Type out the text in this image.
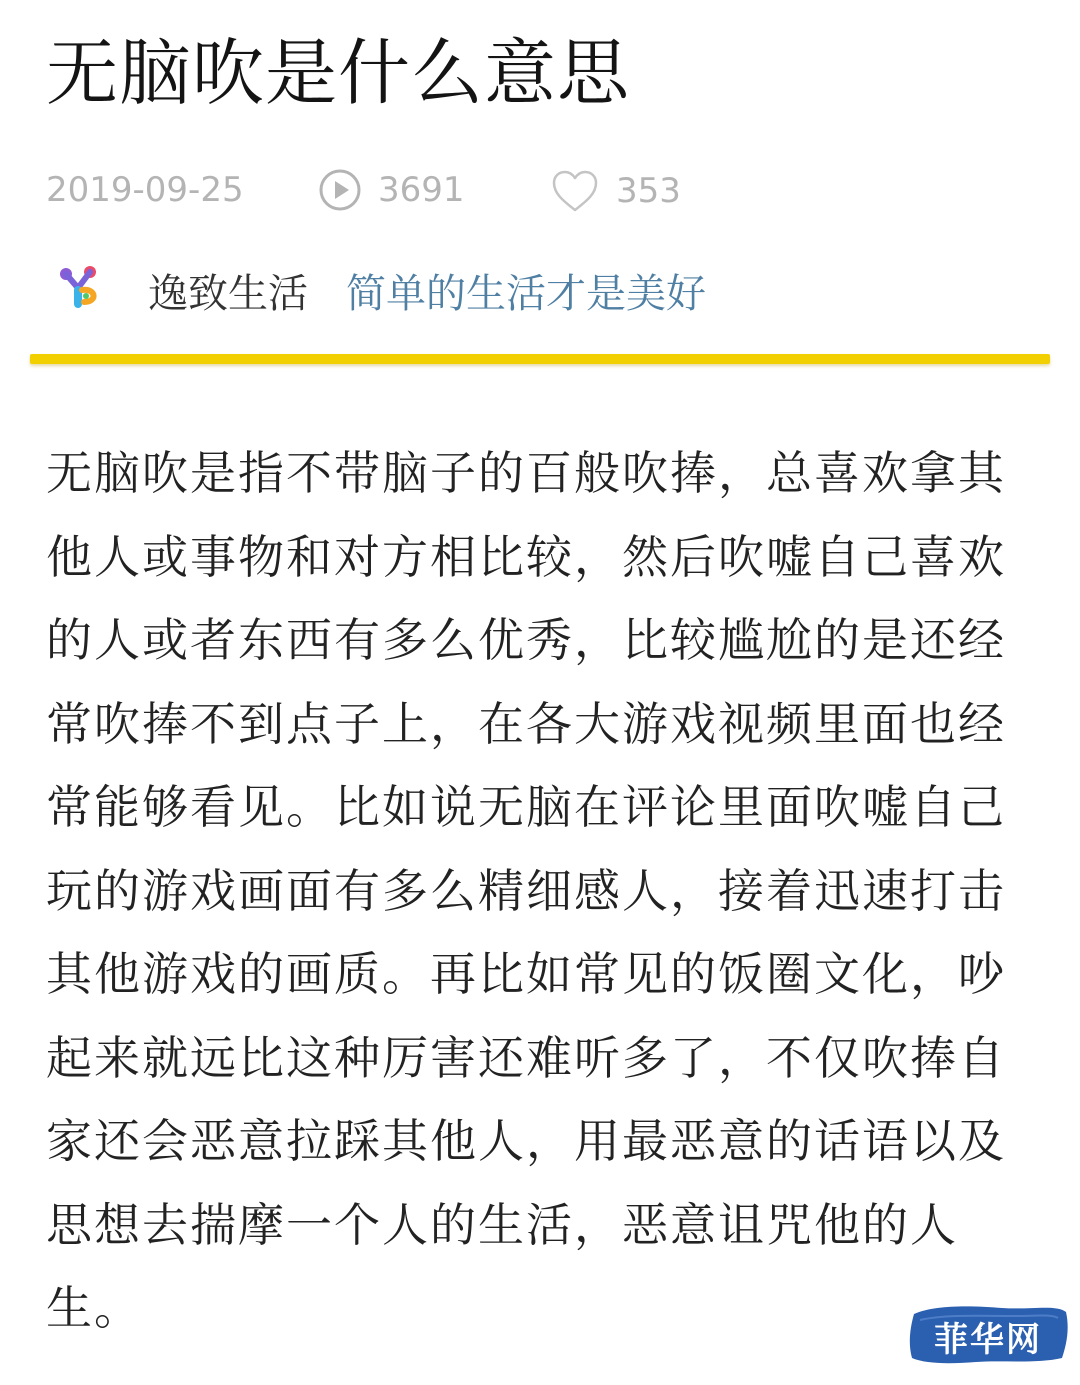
无脑吹是什么意思
2019-09-25	3691	353
逸致生活 简单的生活才是美好
无脑吹是指不带脑子的百般吹捧，总喜欢拿其
他人或事物和对方相比较，然后吹嘘自己喜欢
的人或者东西有多么优秀，比较尴尬的是还经
常吹捧不到点子上，在各大游戏视频里面也经
常能够看见。比如说无脑在评论里面吹嘘自己
玩的游戏画面有多么精细感人，接着迅速打击
其他游戏的画质。再比如常见的饭圈文化，吵
起来就远比这种厉害还难听多了，不仅吹捧自
家还会恶意拉踩其他人，用最恶意的话语以及
思想去揣摩一个人的生活，恶意诅咒他的人
生。
菲华网
